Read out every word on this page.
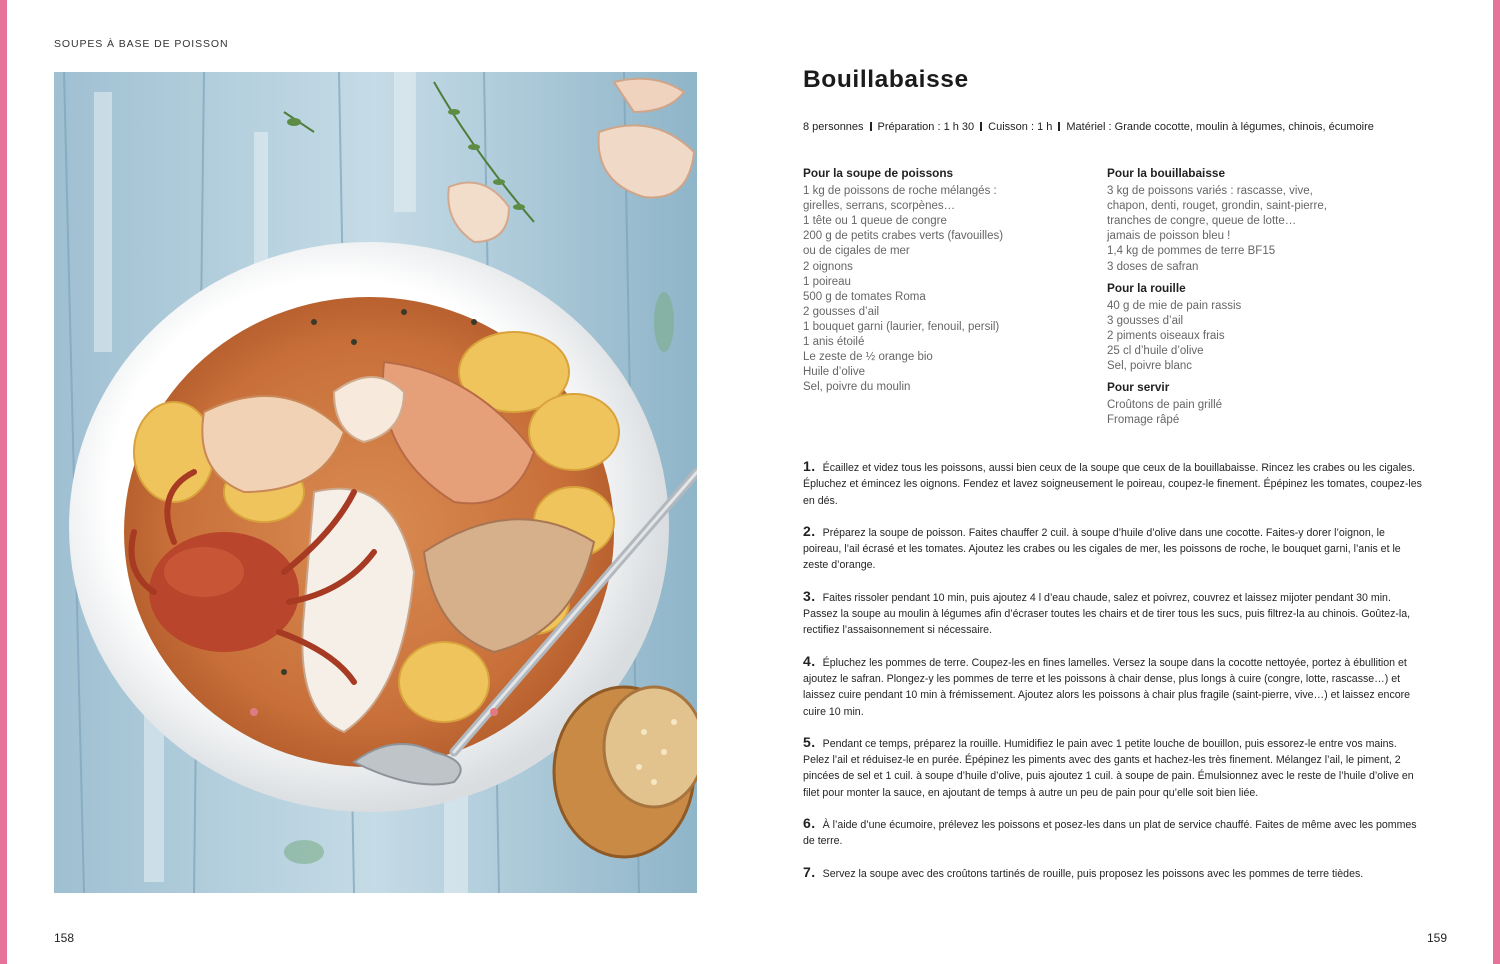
SOUPES À BASE DE POISSON
158	159
Bouillabaisse
8 personnes Préparation : 1 h 30 Cuisson : 1 h Matériel : Grande cocotte, moulin à légumes, chinois, écumoire
Pour la soupe de poissons
1 kg de poissons de roche mélangés :
girelles, serrans, scorpènes…
1 tête ou 1 queue de congre
200 g de petits crabes verts (favouilles)
ou de cigales de mer
2 oignons
1 poireau
500 g de tomates Roma
2 gousses d’ail
1 bouquet garni (laurier, fenouil, persil)
1 anis étoilé
Le zeste de ½ orange bio
Huile d’olive
Sel, poivre du moulin
Pour la bouillabaisse
3 kg de poissons variés : rascasse, vive,
chapon, denti, rouget, grondin, saint-pierre,
tranches de congre, queue de lotte…
jamais de poisson bleu !
1,4 kg de pommes de terre BF15
3 doses de safran
Pour la rouille
40 g de mie de pain rassis
3 gousses d’ail
2 piments oiseaux frais
25 cl d’huile d’olive
Sel, poivre blanc
Pour servir
Croûtons de pain grillé
Fromage râpé

1. Écaillez et videz tous les poissons, aussi bien ceux de la soupe que ceux de la bouillabaisse. Rincez les crabes ou les cigales. Épluchez et émincez les oignons. Fendez et lavez soigneusement le poireau, coupez-le finement. Épépinez les tomates, coupez-les en dés.

2. Préparez la soupe de poisson. Faites chauffer 2 cuil. à soupe d’huile d’olive dans une cocotte. Faites-y dorer l’oignon, le poireau, l’ail écrasé et les tomates. Ajoutez les crabes ou les cigales de mer, les poissons de roche, le bouquet garni, l’anis et le zeste d’orange.

3. Faites rissoler pendant 10 min, puis ajoutez 4 l d’eau chaude, salez et poivrez, couvrez et laissez mijoter pendant 30 min. Passez la soupe au moulin à légumes afin d’écraser toutes les chairs et de tirer tous les sucs, puis filtrez-la au chinois. Goûtez-la, rectifiez l’assaisonnement si nécessaire.

4. Épluchez les pommes de terre. Coupez-les en fines lamelles. Versez la soupe dans la cocotte nettoyée, portez à ébullition et ajoutez le safran. Plongez-y les pommes de terre et les poissons à chair dense, plus longs à cuire (congre, lotte, rascasse…) et laissez cuire pendant 10 min à frémissement. Ajoutez alors les poissons à chair plus fragile (saint-pierre, vive…) et laissez encore cuire 10 min.

5. Pendant ce temps, préparez la rouille. Humidifiez le pain avec 1 petite louche de bouillon, puis essorez-le entre vos mains. Pelez l’ail et réduisez-le en purée. Épépinez les piments avec des gants et hachez-les très finement. Mélangez l’ail, le piment, 2 pincées de sel et 1 cuil. à soupe d’huile d’olive, puis ajoutez 1 cuil. à soupe de pain. Émulsionnez avec le reste de l’huile d’olive en filet pour monter la sauce, en ajoutant de temps à autre un peu de pain pour qu’elle soit bien liée.

6. À l’aide d’une écumoire, prélevez les poissons et posez-les dans un plat de service chauffé. Faites de même avec les pommes de terre.

7. Servez la soupe avec des croûtons tartinés de rouille, puis proposez les poissons avec les pommes de terre tièdes.
